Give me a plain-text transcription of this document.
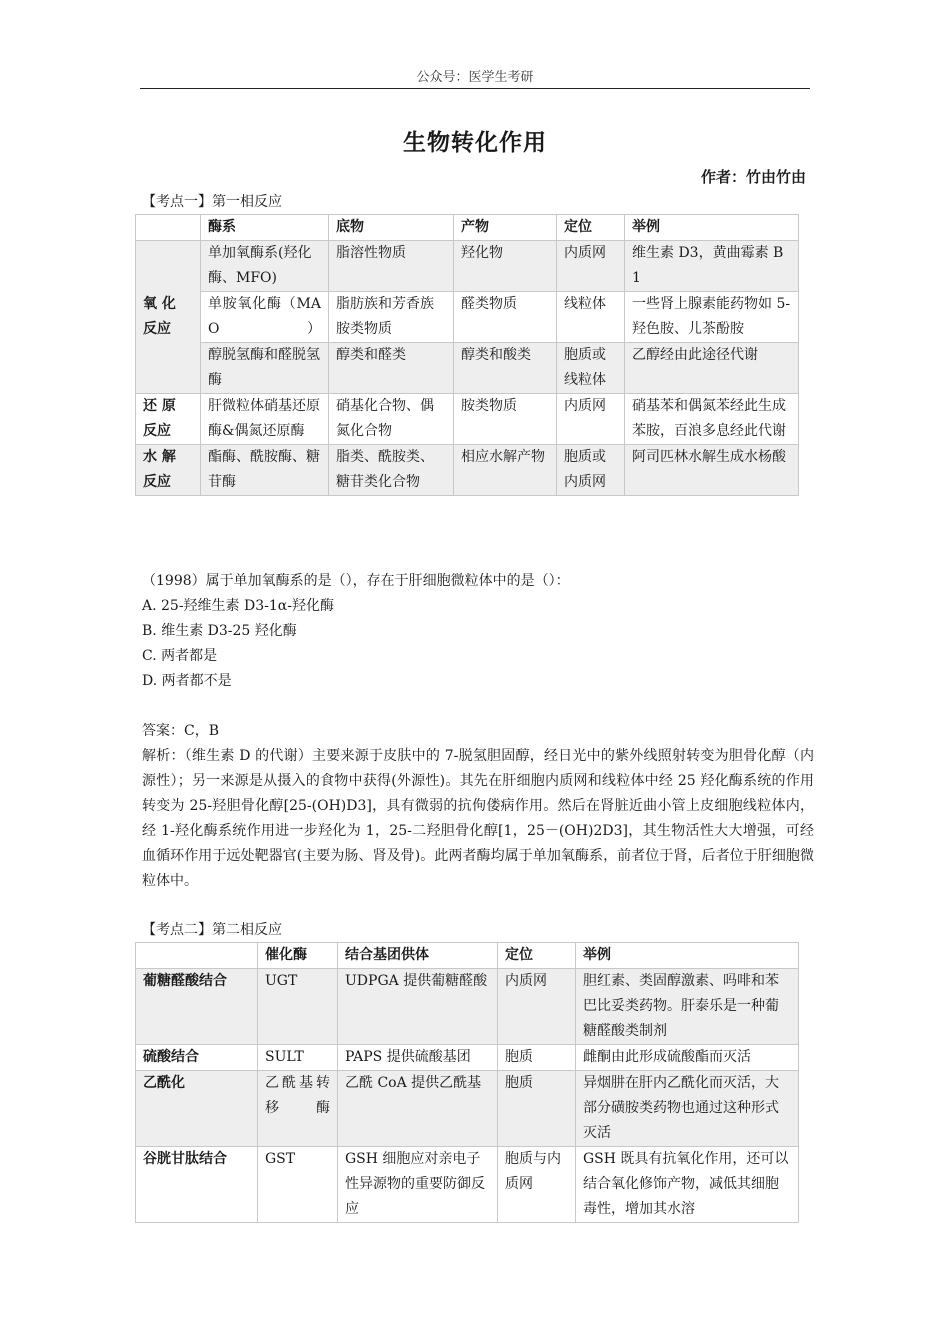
公众号：医学生考研
生物转化作用
作者：竹由竹由
【考点一】第一相反应
	酶系	底物	产物	定位	举例
氧 化 反应	单加氧酶系(羟化酶、MFO)	脂溶性物质	羟化物	内质网	维生素 D3，黄曲霉素 B1
	单胺氧化酶（MAO）	脂肪族和芳香族胺类物质	醛类物质	线粒体	一些肾上腺素能药物如 5-羟色胺、儿茶酚胺
	醇脱氢酶和醛脱氢酶	醇类和醛类	醇类和酸类	胞质或线粒体	乙醇经由此途径代谢
还 原 反应	肝微粒体硝基还原酶&偶氮还原酶	硝基化合物、偶氮化合物	胺类物质	内质网	硝基苯和偶氮苯经此生成苯胺，百浪多息经此代谢
水 解 反应	酯酶、酰胺酶、糖苷酶	脂类、酰胺类、糖苷类化合物	相应水解产物	胞质或内质网	阿司匹林水解生成水杨酸

（1998）属于单加氧酶系的是（），存在于肝细胞微粒体中的是（）：

A. 25-羟维生素 D3-1α-羟化酶

B. 维生素 D3-25 羟化酶

C. 两者都是

D. 两者都不是

答案：C，B

解析：（维生素 D 的代谢）主要来源于皮肤中的 7-脱氢胆固醇，经日光中的紫外线照射转变为胆骨化醇（内源性）；另一来源是从摄入的食物中获得(外源性)。其先在肝细胞内质网和线粒体中经 25 羟化酶系统的作用转变为 25-羟胆骨化醇[25-(OH)D3]，具有微弱的抗佝偻病作用。然后在肾脏近曲小管上皮细胞线粒体内，经 1-羟化酶系统作用进一步羟化为 1，25-二羟胆骨化醇[1，25－(OH)2D3]，其生物活性大大增强，可经血循环作用于远处靶器官(主要为肠、肾及骨)。此两者酶均属于单加氧酶系，前者位于肾，后者位于肝细胞微粒体中。

【考点二】第二相反应
	催化酶	结合基团供体	定位	举例
葡糖醛酸结合	UGT	UDPGA 提供葡糖醛酸	内质网	胆红素、类固醇激素、吗啡和苯巴比妥类药物。肝泰乐是一种葡糖醛酸类制剂
硫酸结合	SULT	PAPS 提供硫酸基团	胞质	雌酮由此形成硫酸酯而灭活
乙酰化	乙酰基转移酶	乙酰 CoA 提供乙酰基	胞质	异烟肼在肝内乙酰化而灭活，大部分磺胺类药物也通过这种形式灭活
谷胱甘肽结合	GST	GSH 细胞应对亲电子性异源物的重要防御反应	胞质与内质网	GSH 既具有抗氧化作用，还可以结合氧化修饰产物，减低其细胞毒性，增加其水溶
